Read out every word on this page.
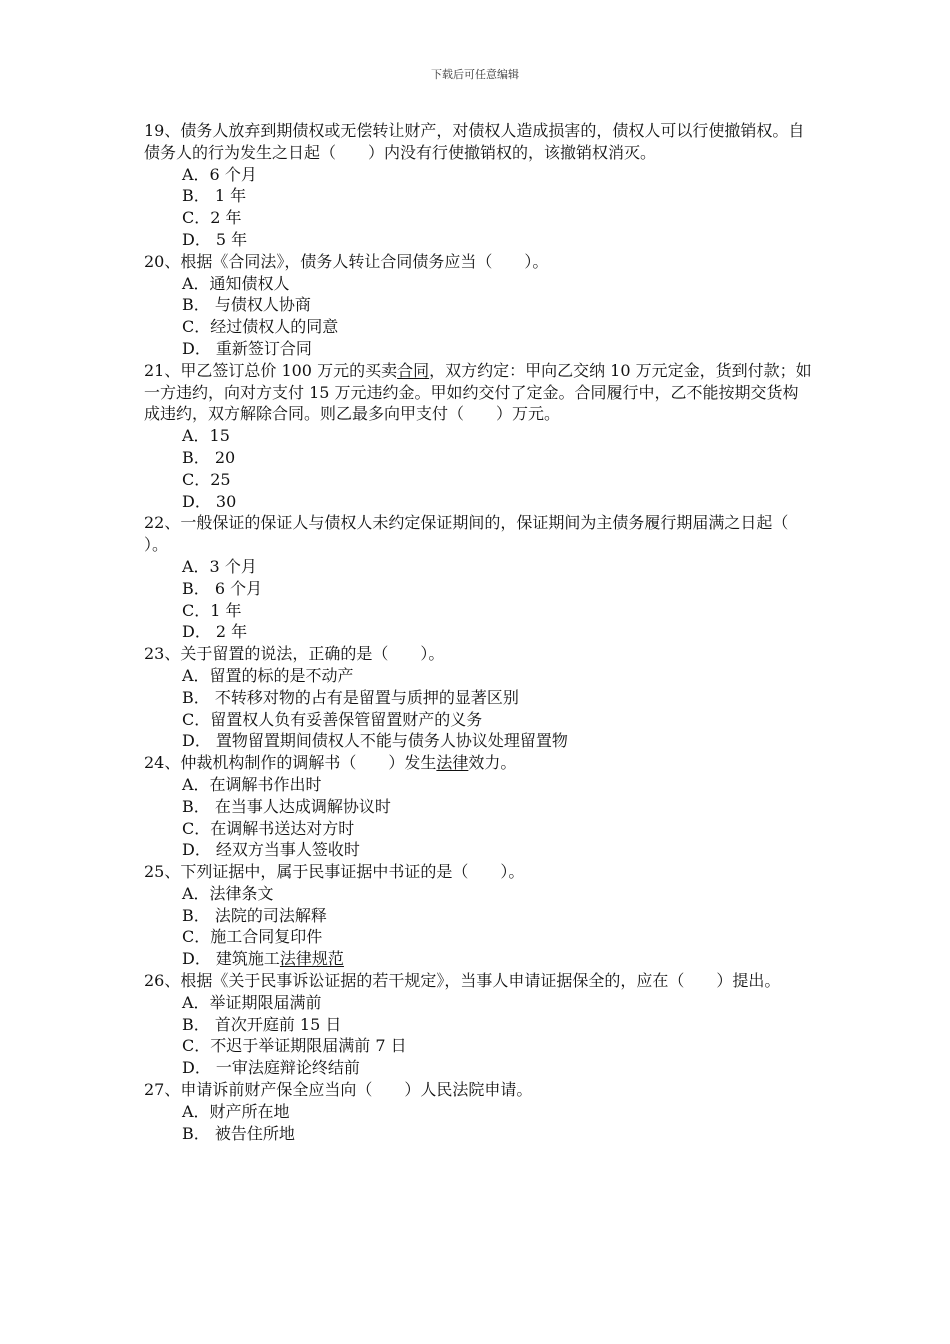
下载后可任意编辑

19、债务人放弃到期债权或无偿转让财产，对债权人造成损害的，债权人可以行使撤销权。自债务人的行为发生之日起（　　）内没有行使撤销权的，该撤销权消灭。

A．6 个月

B． 1 年

C．2 年

D． 5 年

20、根据《合同法》，债务人转让合同债务应当（　　）。

A．通知债权人

B． 与债权人协商

C．经过债权人的同意

D． 重新签订合同

21、甲乙签订总价 100 万元的买卖合同，双方约定：甲向乙交纳 10 万元定金，货到付款；如一方违约，向对方支付 15 万元违约金。甲如约交付了定金。合同履行中，乙不能按期交货构成违约，双方解除合同。则乙最多向甲支付（　　）万元。

A．15

B． 20

C．25

D． 30

22、一般保证的保证人与债权人未约定保证期间的，保证期间为主债务履行期届满之日起（　　）。

A．3 个月

B． 6 个月

C．1 年

D． 2 年

23、关于留置的说法，正确的是（　　）。

A．留置的标的是不动产

B． 不转移对物的占有是留置与质押的显著区别

C．留置权人负有妥善保管留置财产的义务

D． 置物留置期间债权人不能与债务人协议处理留置物

24、仲裁机构制作的调解书（　　）发生法律效力。

A．在调解书作出时

B． 在当事人达成调解协议时

C．在调解书送达对方时

D． 经双方当事人签收时

25、下列证据中，属于民事证据中书证的是（　　）。

A．法律条文

B． 法院的司法解释

C．施工合同复印件

D． 建筑施工法律规范

26、根据《关于民事诉讼证据的若干规定》，当事人申请证据保全的，应在（　　）提出。

A．举证期限届满前

B． 首次开庭前 15 日

C．不迟于举证期限届满前 7 日

D． 一审法庭辩论终结前

27、申请诉前财产保全应当向（　　）人民法院申请。

A．财产所在地

B． 被告住所地
